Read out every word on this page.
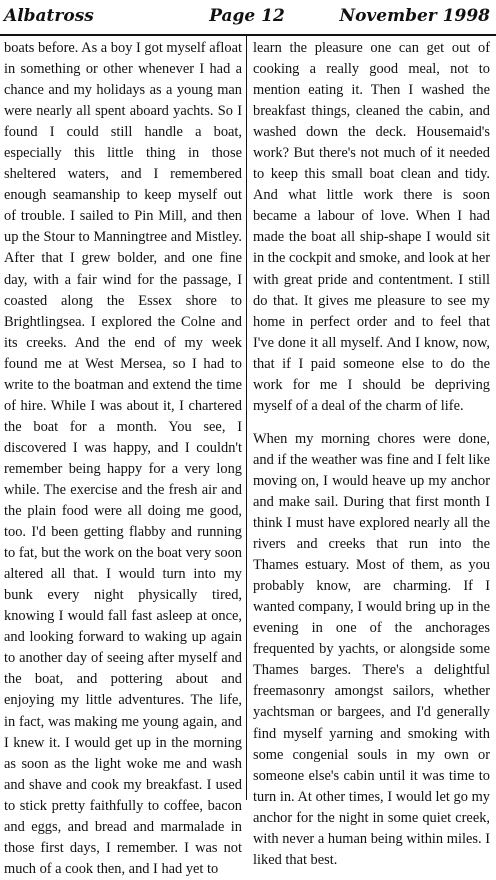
Albatross	Page 12	November 1998

boats before. As a boy I got myself afloat in something or other whenever I had a chance and my holidays as a young man were nearly all spent aboard yachts. So I found I could still handle a boat, especially this little thing in those sheltered waters, and I remembered enough seamanship to keep myself out of trouble. I sailed to Pin Mill, and then up the Stour to Manningtree and Mistley. After that I grew bolder, and one fine day, with a fair wind for the passage, I coasted along the Essex shore to Brightlingsea. I explored the Colne and its creeks. And the end of my week found me at West Mersea, so I had to write to the boatman and extend the time of hire. While I was about it, I chartered the boat for a month. You see, I discovered I was happy, and I couldn't remember being happy for a very long while. The exercise and the fresh air and the plain food were all doing me good, too. I'd been getting flabby and running to fat, but the work on the boat very soon altered all that. I would turn into my bunk every night physically tired, knowing I would fall fast asleep at once, and looking forward to waking up again to another day of seeing after myself and the boat, and pottering about and enjoying my little adventures. The life, in fact, was making me young again, and I knew it. I would get up in the morning as soon as the light woke me and wash and shave and cook my breakfast. I used to stick pretty faithfully to coffee, bacon and eggs, and bread and marmalade in those first days, I remember. I was not much of a cook then, and I had yet to

learn the pleasure one can get out of cooking a really good meal, not to mention eating it. Then I washed the breakfast things, cleaned the cabin, and washed down the deck. Housemaid's work? But there's not much of it needed to keep this small boat clean and tidy. And what little work there is soon became a labour of love. When I had made the boat all ship-shape I would sit in the cockpit and smoke, and look at her with great pride and contentment. I still do that. It gives me pleasure to see my home in perfect order and to feel that I've done it all myself. And I know, now, that if I paid someone else to do the work for me I should be depriving myself of a deal of the charm of life.

When my morning chores were done, and if the weather was fine and I felt like moving on, I would heave up my anchor and make sail. During that first month I think I must have explored nearly all the rivers and creeks that run into the Thames estuary. Most of them, as you probably know, are charming. If I wanted company, I would bring up in the evening in one of the anchorages frequented by yachts, or alongside some Thames barges. There's a delightful freemasonry amongst sailors, whether yachtsman or bargees, and I'd generally find myself yarning and smoking with some congenial souls in my own or someone else's cabin until it was time to turn in. At other times, I would let go my anchor for the night in some quiet creek, with never a human being within miles. I liked that best.
